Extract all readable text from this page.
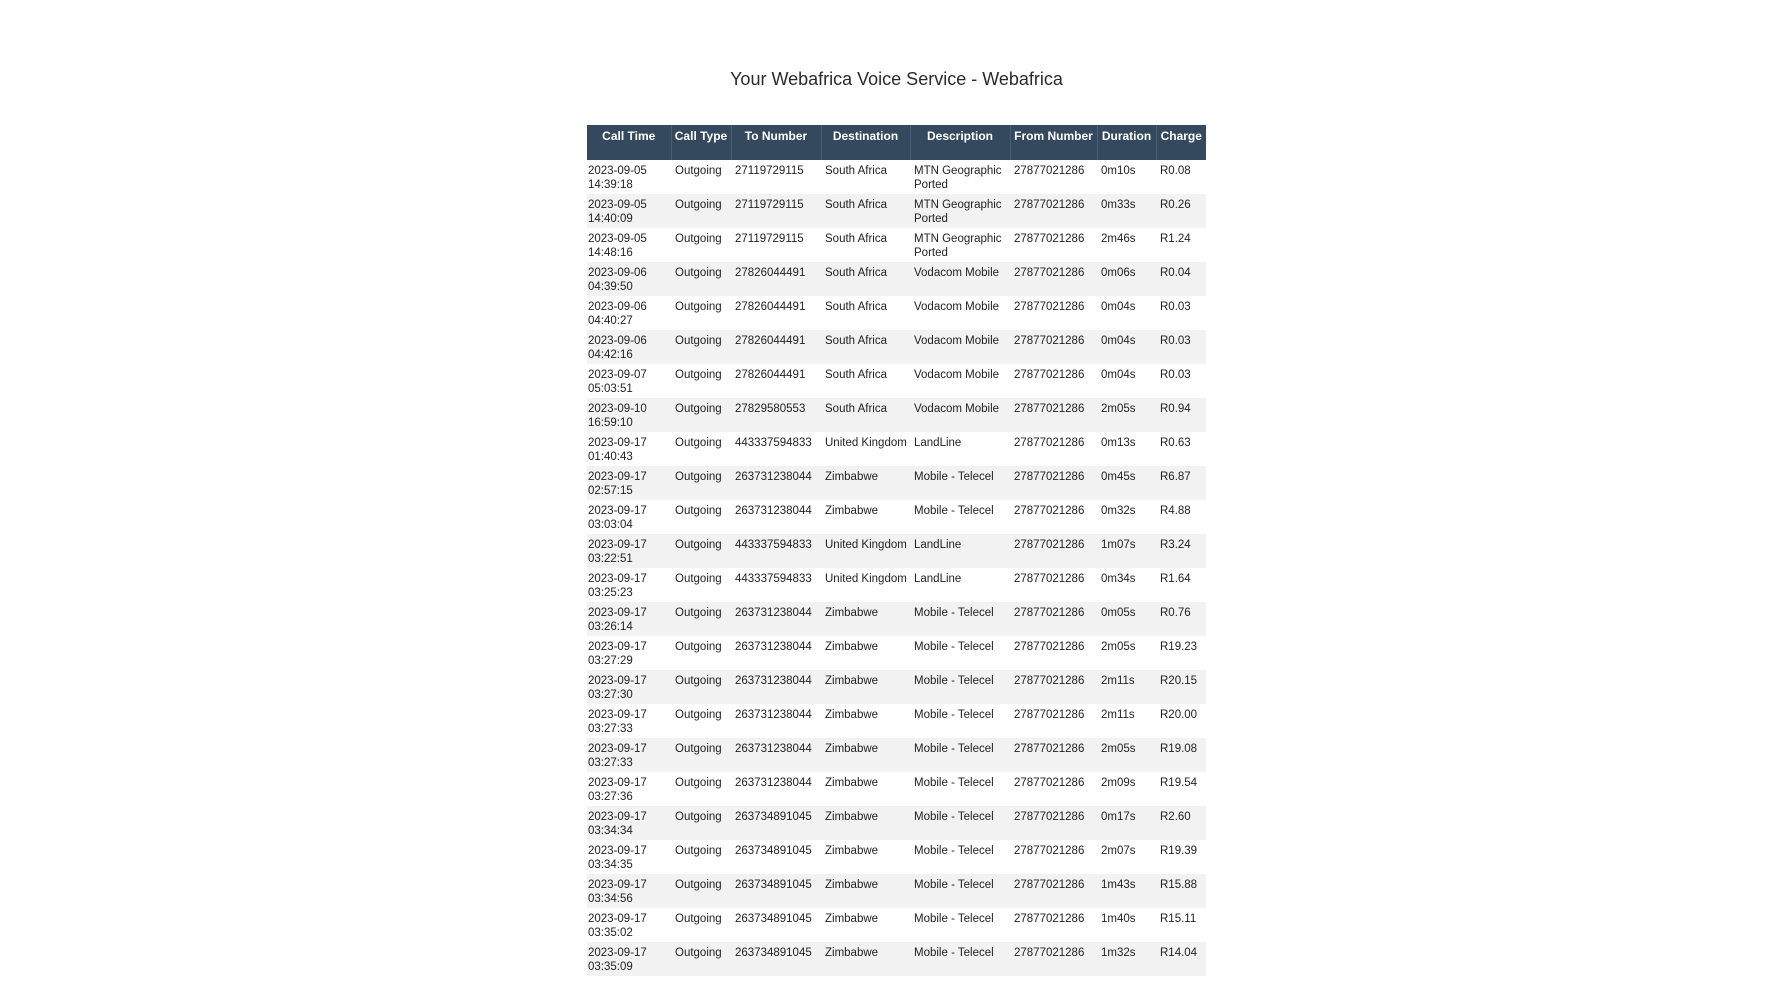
Your Webafrica Voice Service - Webafrica
Call Time	Call Type	To Number	Destination	Description	From Number	Duration	Charge
2023-09-05 14:39:18	Outgoing	27119729115	South Africa	MTN Geographic Ported	27877021286	0m10s	R0.08
2023-09-05 14:40:09	Outgoing	27119729115	South Africa	MTN Geographic Ported	27877021286	0m33s	R0.26
2023-09-05 14:48:16	Outgoing	27119729115	South Africa	MTN Geographic Ported	27877021286	2m46s	R1.24
2023-09-06 04:39:50	Outgoing	27826044491	South Africa	Vodacom Mobile	27877021286	0m06s	R0.04
2023-09-06 04:40:27	Outgoing	27826044491	South Africa	Vodacom Mobile	27877021286	0m04s	R0.03
2023-09-06 04:42:16	Outgoing	27826044491	South Africa	Vodacom Mobile	27877021286	0m04s	R0.03
2023-09-07 05:03:51	Outgoing	27826044491	South Africa	Vodacom Mobile	27877021286	0m04s	R0.03
2023-09-10 16:59:10	Outgoing	27829580553	South Africa	Vodacom Mobile	27877021286	2m05s	R0.94
2023-09-17 01:40:43	Outgoing	443337594833	United Kingdom	LandLine	27877021286	0m13s	R0.63
2023-09-17 02:57:15	Outgoing	263731238044	Zimbabwe	Mobile - Telecel	27877021286	0m45s	R6.87
2023-09-17 03:03:04	Outgoing	263731238044	Zimbabwe	Mobile - Telecel	27877021286	0m32s	R4.88
2023-09-17 03:22:51	Outgoing	443337594833	United Kingdom	LandLine	27877021286	1m07s	R3.24
2023-09-17 03:25:23	Outgoing	443337594833	United Kingdom	LandLine	27877021286	0m34s	R1.64
2023-09-17 03:26:14	Outgoing	263731238044	Zimbabwe	Mobile - Telecel	27877021286	0m05s	R0.76
2023-09-17 03:27:29	Outgoing	263731238044	Zimbabwe	Mobile - Telecel	27877021286	2m05s	R19.23
2023-09-17 03:27:30	Outgoing	263731238044	Zimbabwe	Mobile - Telecel	27877021286	2m11s	R20.15
2023-09-17 03:27:33	Outgoing	263731238044	Zimbabwe	Mobile - Telecel	27877021286	2m11s	R20.00
2023-09-17 03:27:33	Outgoing	263731238044	Zimbabwe	Mobile - Telecel	27877021286	2m05s	R19.08
2023-09-17 03:27:36	Outgoing	263731238044	Zimbabwe	Mobile - Telecel	27877021286	2m09s	R19.54
2023-09-17 03:34:34	Outgoing	263734891045	Zimbabwe	Mobile - Telecel	27877021286	0m17s	R2.60
2023-09-17 03:34:35	Outgoing	263734891045	Zimbabwe	Mobile - Telecel	27877021286	2m07s	R19.39
2023-09-17 03:34:56	Outgoing	263734891045	Zimbabwe	Mobile - Telecel	27877021286	1m43s	R15.88
2023-09-17 03:35:02	Outgoing	263734891045	Zimbabwe	Mobile - Telecel	27877021286	1m40s	R15.11
2023-09-17 03:35:09	Outgoing	263734891045	Zimbabwe	Mobile - Telecel	27877021286	1m32s	R14.04
